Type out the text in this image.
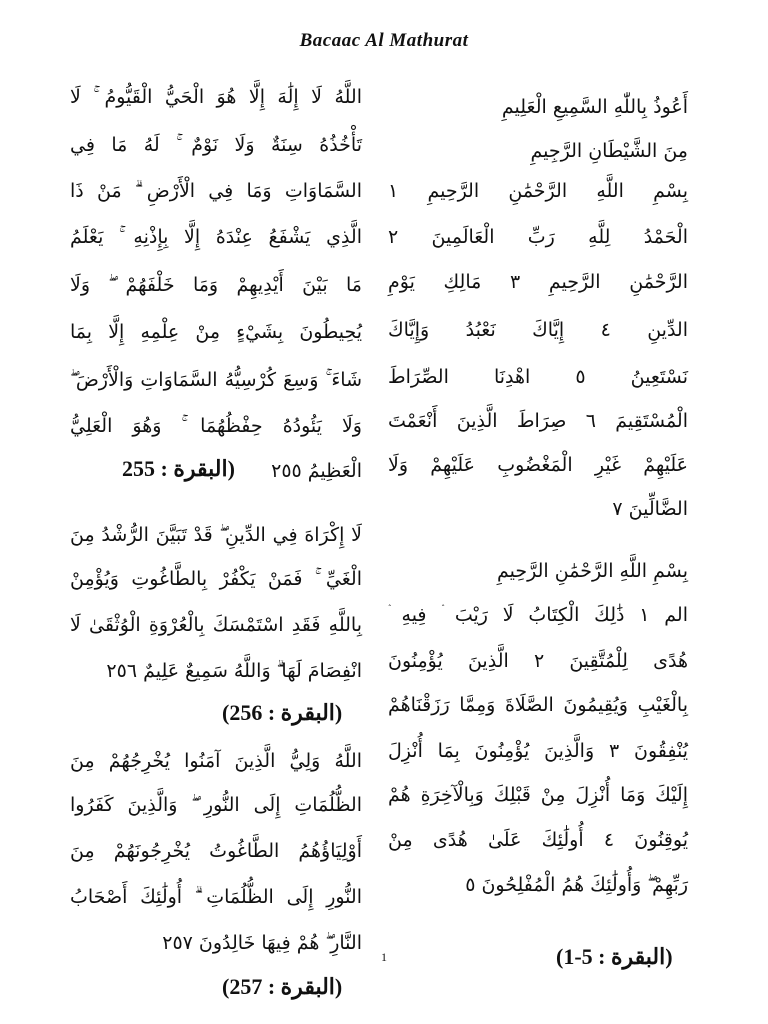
Bacaac Al Mathurat
أَعُوذُ بِاللّٰهِ السَّمِيعِ الْعَلِيمِ
مِنَ الشَّيْطَانِ الرَّجِيمِ
بِسْمِ اللَّهِ الرَّحْمَٰنِ الرَّحِيمِ ١
الْحَمْدُ لِلَّهِ رَبِّ الْعَالَمِينَ ٢
الرَّحْمَٰنِ الرَّحِيمِ ٣ مَالِكِ يَوْمِ
الدِّينِ ٤ إِيَّاكَ نَعْبُدُ وَإِيَّاكَ
نَسْتَعِينُ ٥ اهْدِنَا الصِّرَاطَ
الْمُسْتَقِيمَ ٦ صِرَاطَ الَّذِينَ أَنْعَمْتَ
عَلَيْهِمْ غَيْرِ الْمَغْضُوبِ عَلَيْهِمْ وَلَا
الضَّالِّينَ ٧
بِسْمِ اللَّهِ الرَّحْمَٰنِ الرَّحِيمِ
الم ١ ذَٰلِكَ الْكِتَابُ لَا رَيْبَ ۛ فِيهِ ۛ
هُدًى لِلْمُتَّقِينَ ٢ الَّذِينَ يُؤْمِنُونَ
بِالْغَيْبِ وَيُقِيمُونَ الصَّلَاةَ وَمِمَّا رَزَقْنَاهُمْ
يُنْفِقُونَ ٣ وَالَّذِينَ يُؤْمِنُونَ بِمَا أُنْزِلَ
إِلَيْكَ وَمَا أُنْزِلَ مِنْ قَبْلِكَ وَبِالْآخِرَةِ هُمْ
يُوقِنُونَ ٤ أُولَٰئِكَ عَلَىٰ هُدًى مِنْ
رَبِّهِمْ ۖ وَأُولَٰئِكَ هُمُ الْمُفْلِحُونَ ٥
(البقرة : 5-1)
اللَّهُ لَا إِلَٰهَ إِلَّا هُوَ الْحَيُّ الْقَيُّومُ ۚ لَا
تَأْخُذُهُ سِنَةٌ وَلَا نَوْمٌ ۚ لَهُ مَا فِي
السَّمَاوَاتِ وَمَا فِي الْأَرْضِ ۗ مَنْ ذَا
الَّذِي يَشْفَعُ عِنْدَهُ إِلَّا بِإِذْنِهِ ۚ يَعْلَمُ
مَا بَيْنَ أَيْدِيهِمْ وَمَا خَلْفَهُمْ ۖ وَلَا
يُحِيطُونَ بِشَيْءٍ مِنْ عِلْمِهِ إِلَّا بِمَا
شَاءَ ۚ وَسِعَ كُرْسِيُّهُ السَّمَاوَاتِ وَالْأَرْضَ ۖ
وَلَا يَئُودُهُ حِفْظُهُمَا ۚ وَهُوَ الْعَلِيُّ
الْعَظِيمُ ٢٥٥
لَا إِكْرَاهَ فِي الدِّينِ ۖ قَدْ تَبَيَّنَ الرُّشْدُ مِنَ
الْغَيِّ ۚ فَمَنْ يَكْفُرْ بِالطَّاغُوتِ وَيُؤْمِنْ
بِاللَّهِ فَقَدِ اسْتَمْسَكَ بِالْعُرْوَةِ الْوُثْقَىٰ لَا
انْفِصَامَ لَهَا ۗ وَاللَّهُ سَمِيعٌ عَلِيمٌ ٢٥٦
اللَّهُ وَلِيُّ الَّذِينَ آمَنُوا يُخْرِجُهُمْ مِنَ
الظُّلُمَاتِ إِلَى النُّورِ ۖ وَالَّذِينَ كَفَرُوا
أَوْلِيَاؤُهُمُ الطَّاغُوتُ يُخْرِجُونَهُمْ مِنَ
النُّورِ إِلَى الظُّلُمَاتِ ۗ أُولَٰئِكَ أَصْحَابُ
النَّارِ ۖ هُمْ فِيهَا خَالِدُونَ ٢٥٧
(البقرة : 255
(البقرة : 256)
(البقرة : 257)
1
